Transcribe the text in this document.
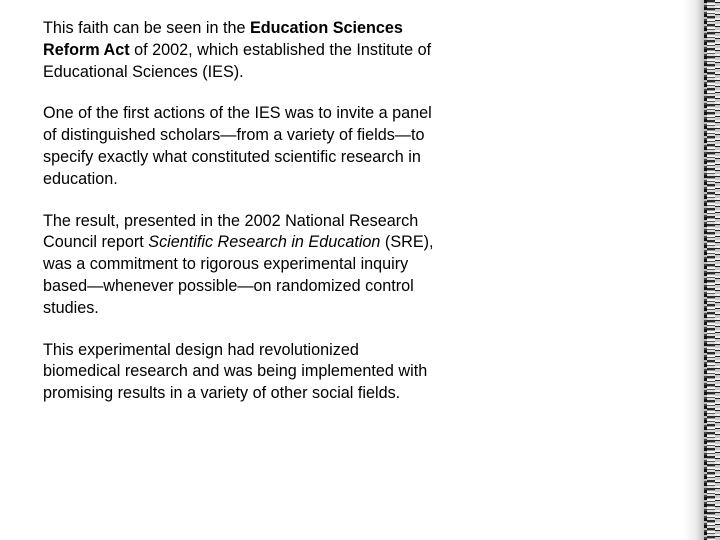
This faith can be seen in the Education Sciences Reform Act of 2002, which established the Institute of Educational Sciences (IES).

One of the first actions of the IES was to invite a panel of distinguished scholars—from a variety of fields—to specify exactly what constituted scientific research in education.

The result, presented in the 2002 National Research Council report Scientific Research in Education (SRE), was a commitment to rigorous experimental inquiry based—whenever possible—on randomized control studies.

This experimental design had revolutionized biomedical research and was being implemented with promising results in a variety of other social fields.
